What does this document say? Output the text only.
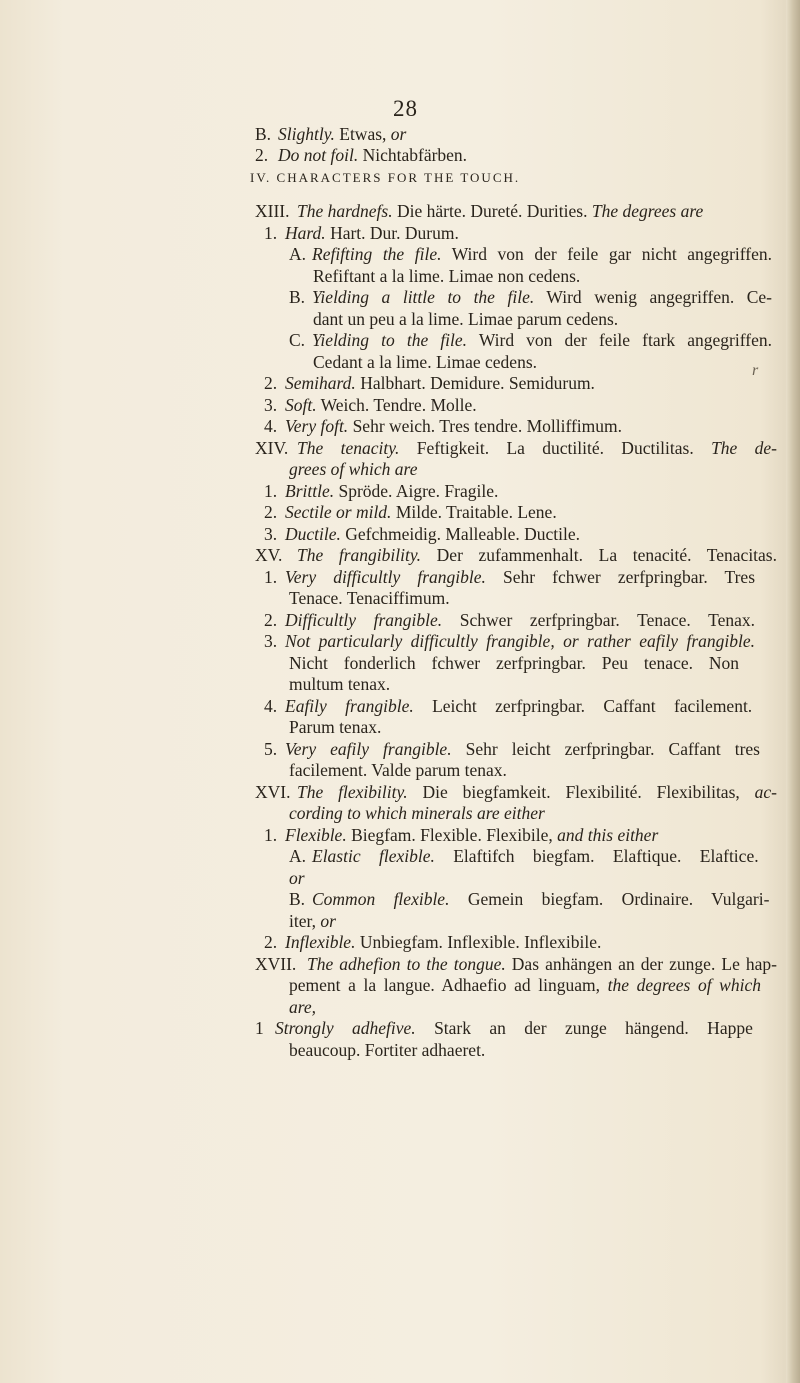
28
IV. CHARACTERS FOR THE TOUCH.
r
B. Slightly. Etwas, or
2. Do not foil. Nichtabfärben.
XIII. The hardnefs. Die härte. Dureté. Durities. The degrees are
1. Hard. Hart. Dur. Durum.
A. Refifting the file. Wird von der feile gar nicht angegriffen.
Refiftant a la lime. Limae non cedens.
B. Yielding a little to the file. Wird wenig angegriffen. Ce-
dant un peu a la lime. Limae parum cedens.
C. Yielding to the file. Wird von der feile ftark angegriffen.
Cedant a la lime. Limae cedens.
2. Semihard. Halbhart. Demidure. Semidurum.
3. Soft. Weich. Tendre. Molle.
4. Very foft. Sehr weich. Tres tendre. Molliffimum.
XIV. The tenacity. Feftigkeit. La ductilité. Ductilitas. The de-
grees of which are
1. Brittle. Spröde. Aigre. Fragile.
2. Sectile or mild. Milde. Traitable. Lene.
3. Ductile. Gefchmeidig. Malleable. Ductile.
XV. The frangibility. Der zufammenhalt. La tenacité. Tenacitas.
1. Very difficultly frangible. Sehr fchwer zerfpringbar. Tres
Tenace. Tenaciffimum.
2. Difficultly frangible. Schwer zerfpringbar. Tenace. Tenax.
3. Not particularly difficultly frangible, or rather eafily frangible.
Nicht fonderlich fchwer zerfpringbar. Peu tenace. Non
multum tenax.
4. Eafily frangible. Leicht zerfpringbar. Caffant facilement.
Parum tenax.
5. Very eafily frangible. Sehr leicht zerfpringbar. Caffant tres
facilement. Valde parum tenax.
XVI. The flexibility. Die biegfamkeit. Flexibilité. Flexibilitas, ac-
cording to which minerals are either
1. Flexible. Biegfam. Flexible. Flexibile, and this either
A. Elastic flexible. Elaftifch biegfam. Elaftique. Elaftice.
or
B. Common flexible. Gemein biegfam. Ordinaire. Vulgari-
iter, or
2. Inflexible. Unbiegfam. Inflexible. Inflexibile.
XVII. The adhefion to the tongue. Das anhängen an der zunge. Le hap-
pement a la langue. Adhaefio ad linguam, the degrees of which
are,
1 Strongly adhefive. Stark an der zunge hängend. Happe
beaucoup. Fortiter adhaeret.
